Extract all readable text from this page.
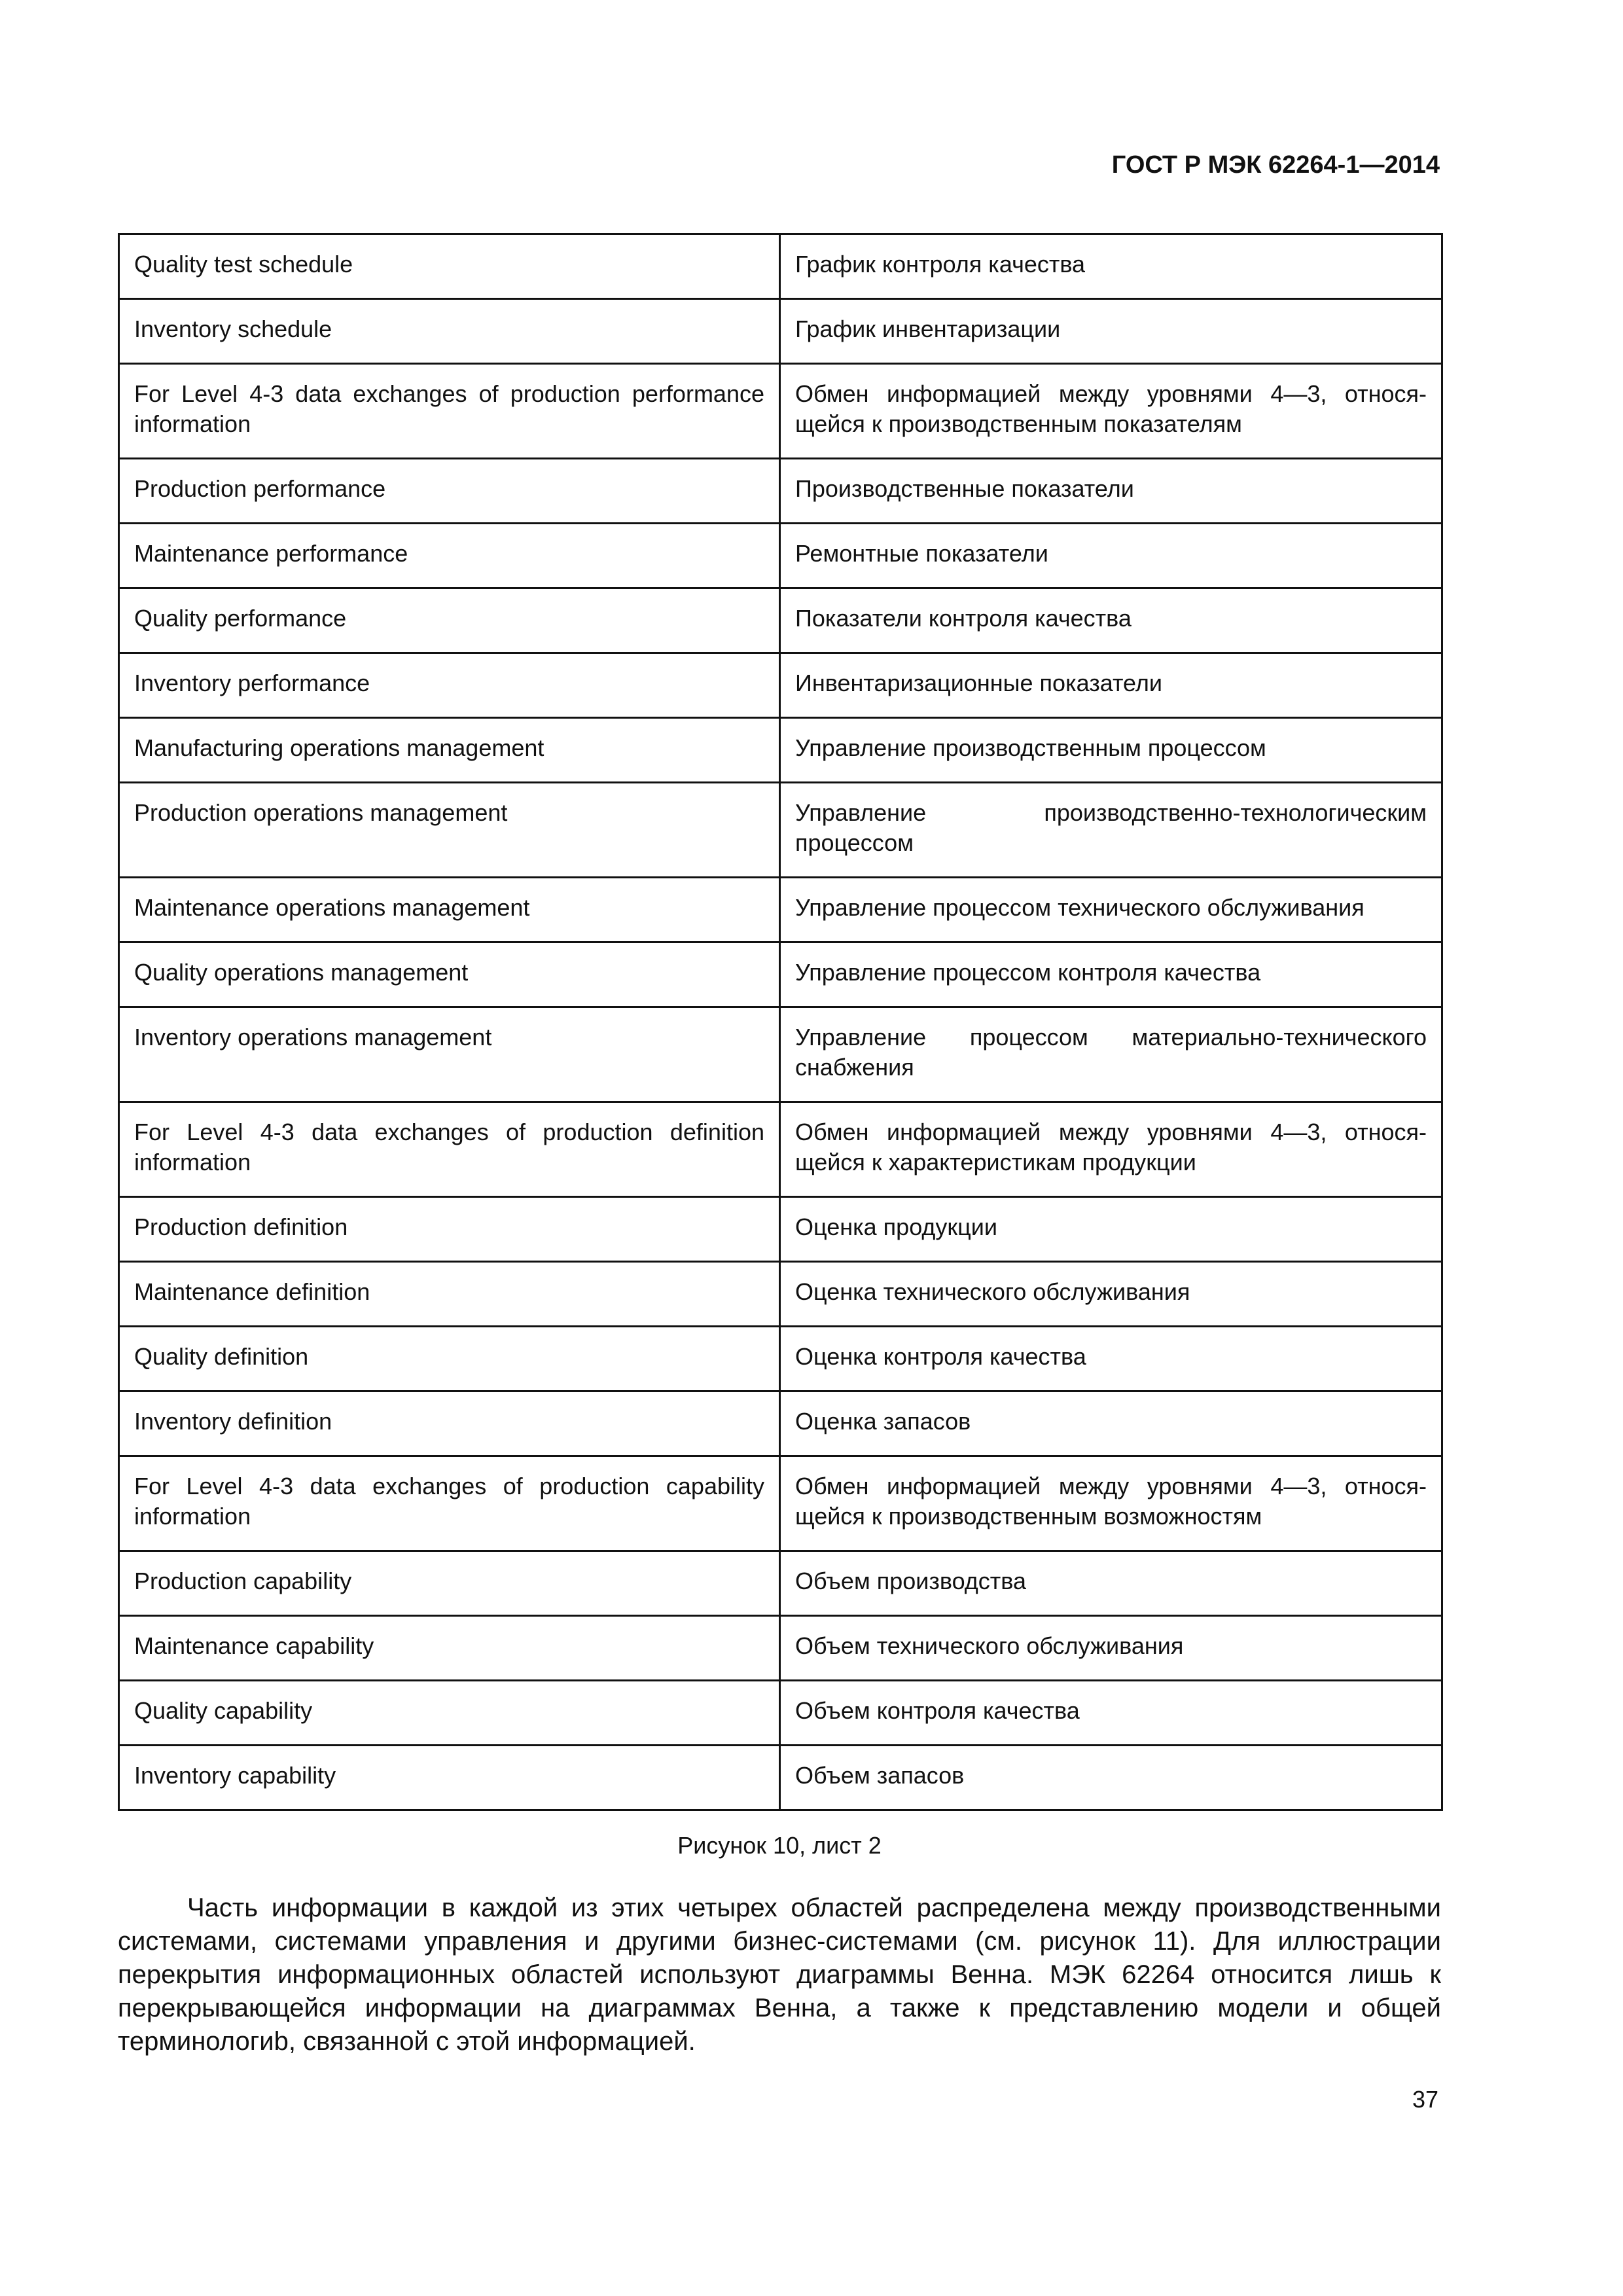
ГОСТ Р МЭК 62264-1—2014
Quality test schedule	График контроля качества
Inventory schedule	График инвентаризации
For Level 4-3 data exchanges of production performance information	Обмен информацией между уровнями 4—3, относя-щейся к производственным показателям
Production performance	Производственные показатели
Maintenance performance	Ремонтные показатели
Quality performance	Показатели контроля качества
Inventory performance	Инвентаризационные показатели
Manufacturing operations management	Управление производственным процессом
Production operations management	Управление производственно-технологическим процессом
Maintenance operations management	Управление процессом технического обслуживания
Quality operations management	Управление процессом контроля качества
Inventory operations management	Управление процессом материально-технического снабжения
For Level 4-3 data exchanges of production definition information	Обмен информацией между уровнями 4—3, относя-щейся к характеристикам продукции
Production definition	Оценка продукции
Maintenance definition	Оценка технического обслуживания
Quality definition	Оценка контроля качества
Inventory definition	Оценка запасов
For Level 4-3 data exchanges of production capability information	Обмен информацией между уровнями 4—3, относя-щейся к производственным возможностям
Production capability	Объем производства
Maintenance capability	Объем технического обслуживания
Quality capability	Объем контроля качества
Inventory capability	Объем запасов
Рисунок 10, лист 2

Часть информации в каждой из этих четырех областей распределена между производственными системами, системами управления и другими бизнес-системами (см. рисунок 11). Для иллюстрации перекрытия информационных областей используют диаграммы Венна. МЭК 62264 относится лишь к перекрывающейся информации на диаграммах Венна, а также к представлению модели и общей терминологиb, связанной с этой информацией.

37
